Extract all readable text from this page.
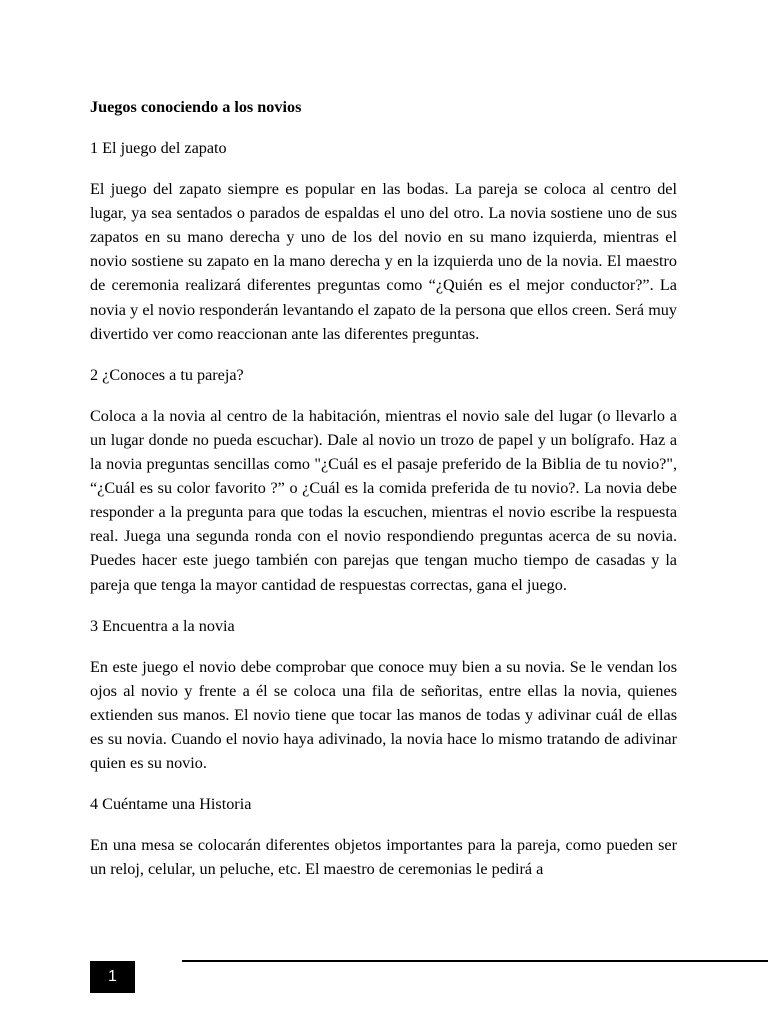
Juegos conociendo a los novios

1 El juego del zapato

El juego del zapato siempre es popular en las bodas. La pareja se coloca al centro del lugar, ya sea sentados o parados de espaldas el uno del otro. La novia sostiene uno de sus zapatos en su mano derecha y uno de los del novio en su mano izquierda, mientras el novio sostiene su zapato en la mano derecha y en la izquierda uno de la novia. El maestro de ceremonia realizará diferentes preguntas como “¿Quién es el mejor conductor?”. La novia y el novio responderán levantando el zapato de la persona que ellos creen. Será muy divertido ver como reaccionan ante las diferentes preguntas.

2 ¿Conoces a tu pareja?

Coloca a la novia al centro de la habitación, mientras el novio sale del lugar (o llevarlo a un lugar donde no pueda escuchar). Dale al novio un trozo de papel y un bolígrafo. Haz a la novia preguntas sencillas como "¿Cuál es el pasaje preferido de la Biblia de tu novio?", “¿Cuál es su color favorito ?” o ¿Cuál es la comida preferida de tu novio?. La novia debe responder a la pregunta para que todas la escuchen, mientras el novio escribe la respuesta real. Juega una segunda ronda con el novio respondiendo preguntas acerca de su novia. Puedes hacer este juego también con parejas que tengan mucho tiempo de casadas y la pareja que tenga la mayor cantidad de respuestas correctas, gana el juego.

3 Encuentra a la novia

En este juego el novio debe comprobar que conoce muy bien a su novia. Se le vendan los ojos al novio y frente a él se coloca una fila de señoritas, entre ellas la novia, quienes extienden sus manos. El novio tiene que tocar las manos de todas y adivinar cuál de ellas es su novia. Cuando el novio haya adivinado, la novia hace lo mismo tratando de adivinar quien es su novio.

4 Cuéntame una Historia

En una mesa se colocarán diferentes objetos importantes para la pareja, como pueden ser un reloj, celular, un peluche, etc. El maestro de ceremonias le pedirá a

1
